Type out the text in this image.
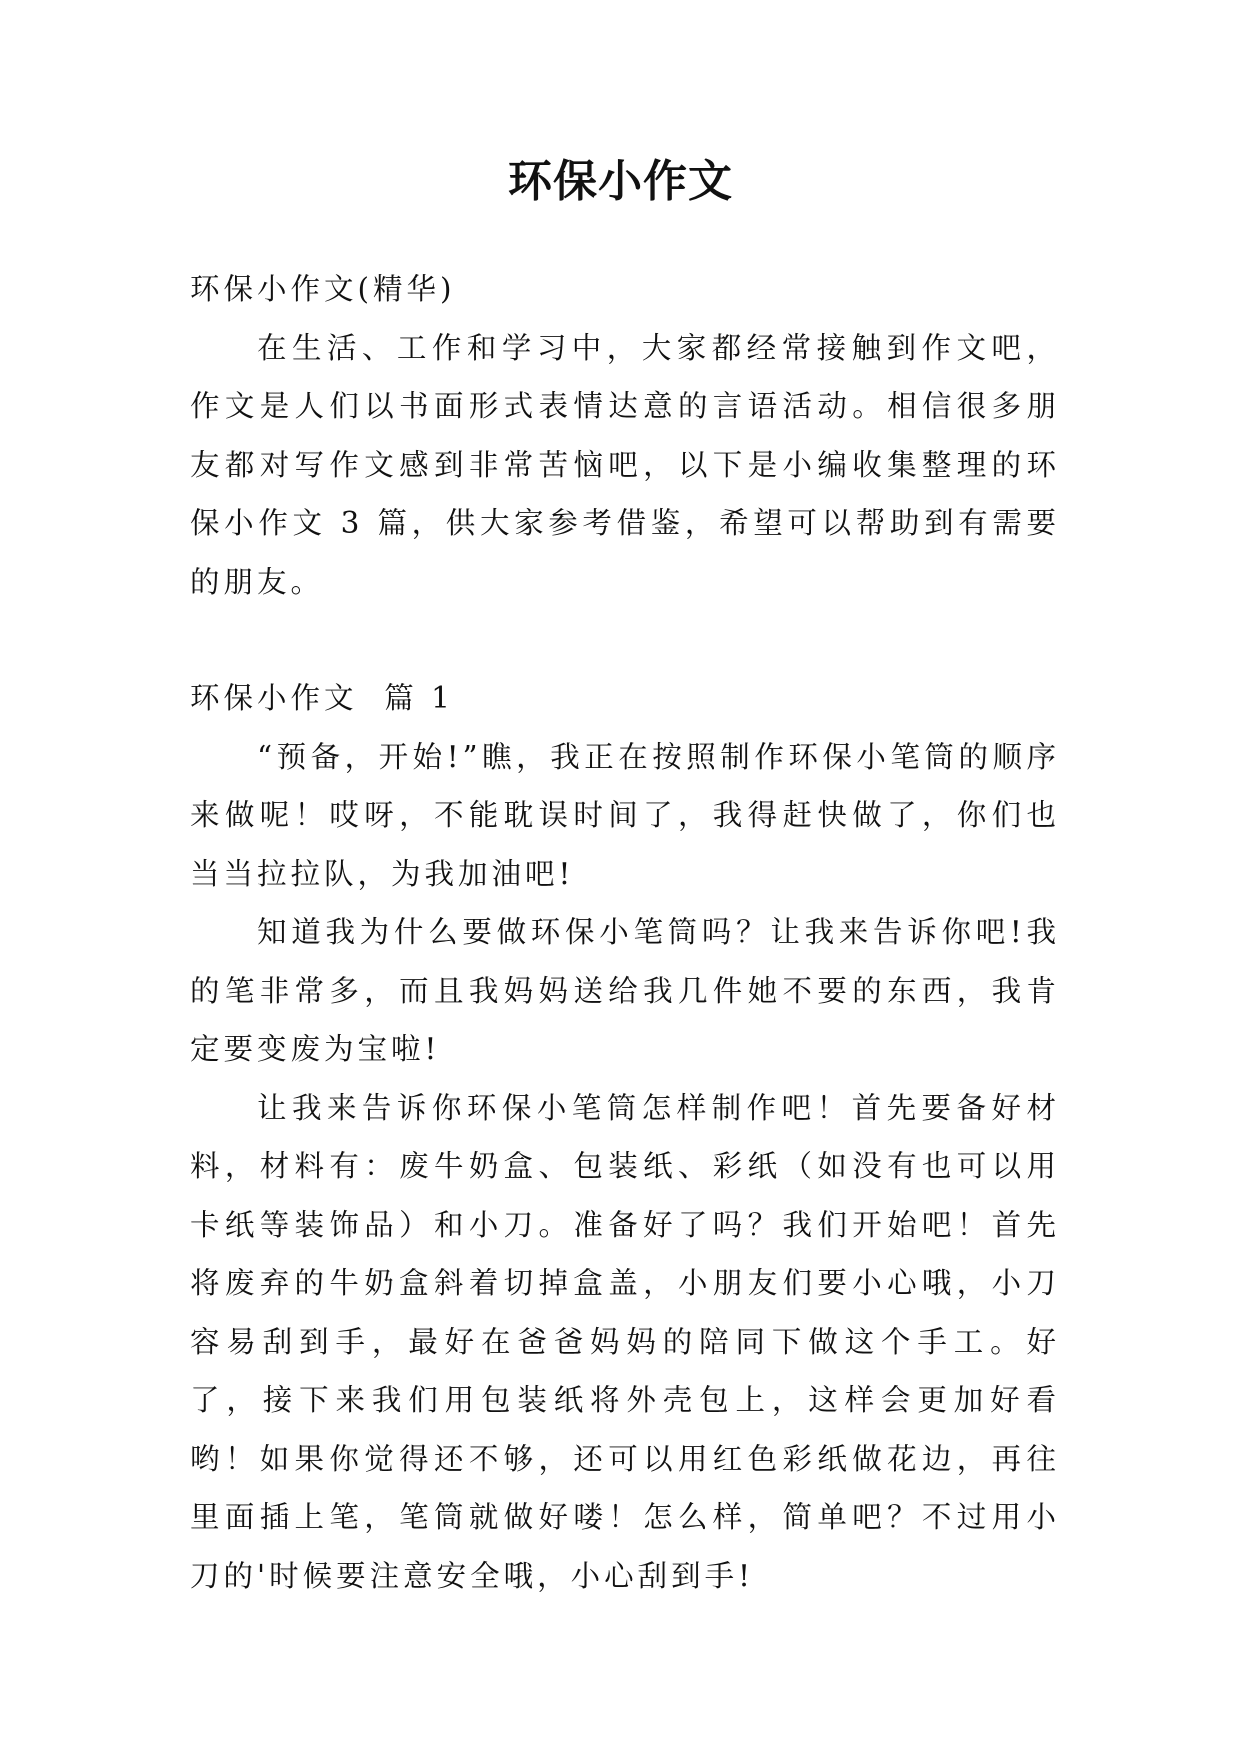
环保小作文

环保小作文(精华)

在生活、工作和学习中，大家都经常接触到作文吧，作文是人们以书面形式表情达意的言语活动。相信很多朋友都对写作文感到非常苦恼吧，以下是小编收集整理的环保小作文 3 篇，供大家参考借鉴，希望可以帮助到有需要的朋友。

环保小作文  篇 1

“预备，开始!”瞧，我正在按照制作环保小笔筒的顺序来做呢！哎呀，不能耽误时间了，我得赶快做了，你们也当当拉拉队，为我加油吧!

知道我为什么要做环保小笔筒吗？让我来告诉你吧!我的笔非常多，而且我妈妈送给我几件她不要的东西，我肯定要变废为宝啦!

让我来告诉你环保小笔筒怎样制作吧！首先要备好材料，材料有：废牛奶盒、包装纸、彩纸（如没有也可以用卡纸等装饰品）和小刀。准备好了吗？我们开始吧！首先将废弃的牛奶盒斜着切掉盒盖，小朋友们要小心哦，小刀容易刮到手，最好在爸爸妈妈的陪同下做这个手工。好了，接下来我们用包装纸将外壳包上，这样会更加好看哟！如果你觉得还不够，还可以用红色彩纸做花边，再往里面插上笔，笔筒就做好喽！怎么样，简单吧？不过用小刀的'时候要注意安全哦，小心刮到手!
